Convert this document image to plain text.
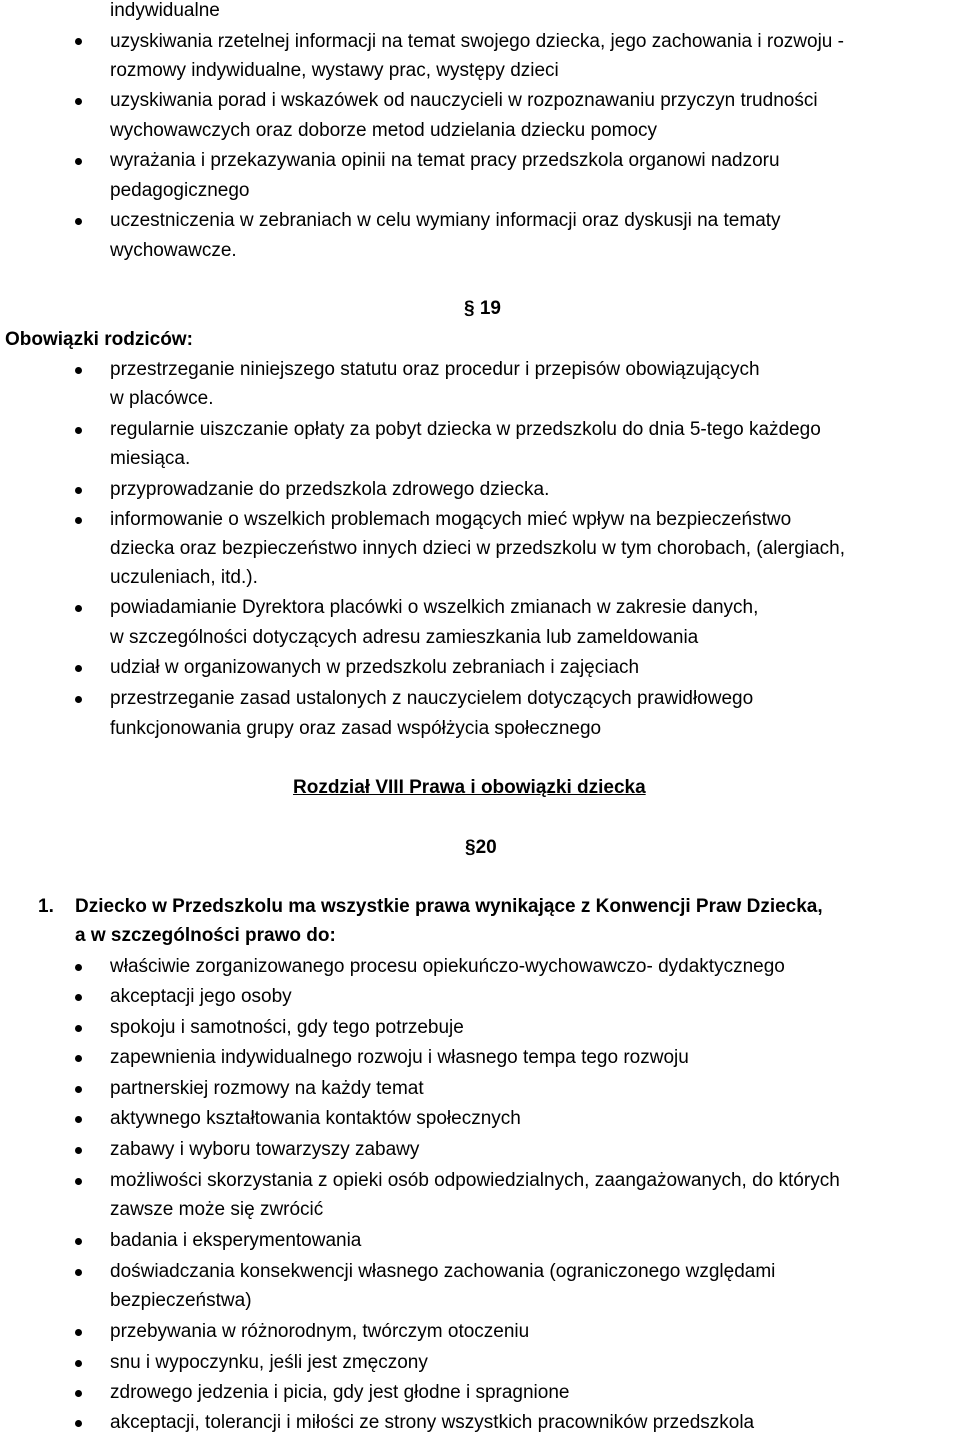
indywidualne
uzyskiwania rzetelnej informacji na temat swojego dziecka, jego zachowania i rozwoju -
rozmowy indywidualne, wystawy prac, występy dzieci
uzyskiwania porad i wskazówek od nauczycieli w rozpoznawaniu przyczyn trudności
wychowawczych oraz doborze metod udzielania dziecku pomocy
wyrażania i przekazywania opinii na temat pracy przedszkola organowi nadzoru
pedagogicznego
uczestniczenia w zebraniach w celu wymiany informacji oraz dyskusji na tematy
wychowawcze.
§ 19
Obowiązki rodziców:
przestrzeganie niniejszego statutu oraz procedur i przepisów obowiązujących
w placówce.
regularnie uiszczanie opłaty za pobyt dziecka w przedszkolu do dnia 5-tego każdego
miesiąca.
przyprowadzanie do przedszkola zdrowego dziecka.
informowanie o wszelkich problemach mogących mieć wpływ na bezpieczeństwo
dziecka oraz bezpieczeństwo innych dzieci w przedszkolu w tym chorobach, (alergiach,
uczuleniach, itd.).
powiadamianie Dyrektora placówki o wszelkich zmianach w zakresie danych,
w szczególności dotyczących adresu zamieszkania lub zameldowania
udział w organizowanych w przedszkolu zebraniach i zajęciach
przestrzeganie zasad ustalonych z nauczycielem dotyczących prawidłowego
funkcjonowania grupy oraz zasad współżycia społecznego
Rozdział VIII Prawa i obowiązki dziecka
§20
1. Dziecko w Przedszkolu ma wszystkie prawa wynikające z Konwencji Praw Dziecka,
a w szczególności prawo do:
właściwie zorganizowanego procesu opiekuńczo-wychowawczo- dydaktycznego
akceptacji jego osoby
spokoju i samotności, gdy tego potrzebuje
zapewnienia indywidualnego rozwoju i własnego tempa tego rozwoju
partnerskiej rozmowy na każdy temat
aktywnego kształtowania kontaktów społecznych
zabawy i wyboru towarzyszy zabawy
możliwości skorzystania z opieki osób odpowiedzialnych, zaangażowanych, do których
zawsze może się zwrócić
badania i eksperymentowania
doświadczania konsekwencji własnego zachowania (ograniczonego względami
bezpieczeństwa)
przebywania w różnorodnym, twórczym otoczeniu
snu i wypoczynku, jeśli jest zmęczony
zdrowego jedzenia i picia, gdy jest głodne i spragnione
akceptacji, tolerancji i miłości ze strony wszystkich pracowników przedszkola
